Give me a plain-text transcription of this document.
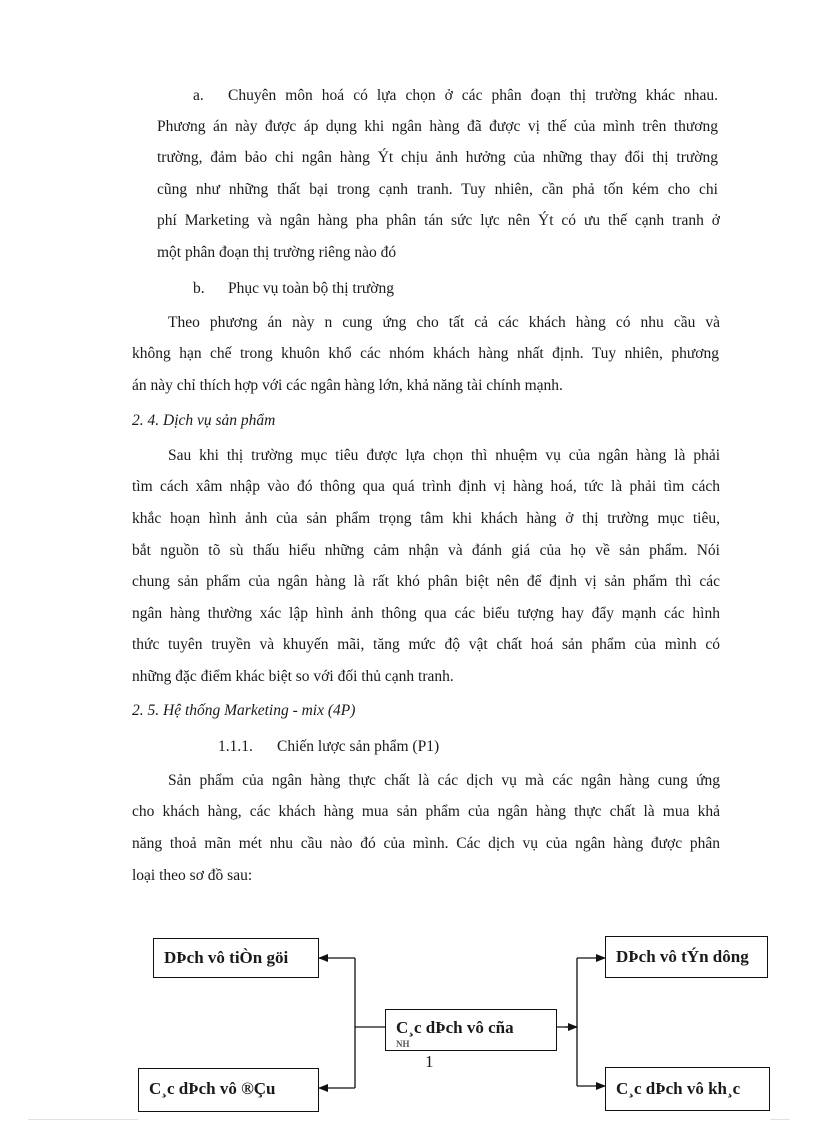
a. Chuyên môn hoá có lựa chọn ở các phân đoạn thị trường khác nhau.
Phương án này được áp dụng khi ngân hàng đã được vị thế của mình trên thương
trường, đảm bảo chi ngân hàng Ýt chịu ảnh hưởng của những thay đổi thị trường
cũng như những thất bại trong cạnh tranh. Tuy nhiên, cần phả tốn kém cho chi
phí Marketing và ngân hàng pha phân tán sức lực nên Ýt có ưu thế cạnh tranh ở
một phân đoạn thị trường riêng nào đó
b. Phục vụ toàn bộ thị trường
Theo phương án này n cung ứng cho tất cả các khách hàng có nhu cầu và
không hạn chế trong khuôn khổ các nhóm khách hàng nhất định. Tuy nhiên, phương
án này chỉ thích hợp với các ngân hàng lớn, khả năng tài chính mạnh.
2. 4. Dịch vụ sản phẩm
Sau khi thị trường mục tiêu được lựa chọn thì nhuệm vụ của ngân hàng là phải
tìm cách xâm nhập vào đó thông qua quá trình định vị hàng hoá, tức là phải tìm cách
khắc hoạn hình ảnh của sản phẩm trọng tâm khi khách hàng ở thị trường mục tiêu,
bắt nguồn tõ sù thấu hiểu những cảm nhận và đánh giá của họ về sản phẩm. Nói
chung sản phẩm của ngân hàng là rất khó phân biệt nên để định vị sản phẩm thì các
ngân hàng thường xác lập hình ảnh thông qua các biểu tượng hay đẩy mạnh các hình
thức tuyên truyền và khuyến mãi, tăng mức độ vật chất hoá sản phẩm của mình có
những đặc điểm khác biệt so với đối thủ cạnh tranh.
2. 5. Hệ thống Marketing - mix (4P)
1.1.1. Chiến lược sản phẩm (P1)
Sản phẩm của ngân hàng thực chất là các dịch vụ mà các ngân hàng cung ứng
cho khách hàng, các khách hàng mua sản phẩm của ngân hàng thực chất là mua khả
năng thoả mãn mét nhu cầu nào đó của mình. Các dịch vụ của ngân hàng được phân
loại theo sơ đồ sau:
DÞch vô tiÒn göi
C¸c dÞch vô cña
NH
C¸c dÞch vô ®Çu
DÞch vô tÝn dông
C¸c dÞch vô kh¸c
1
